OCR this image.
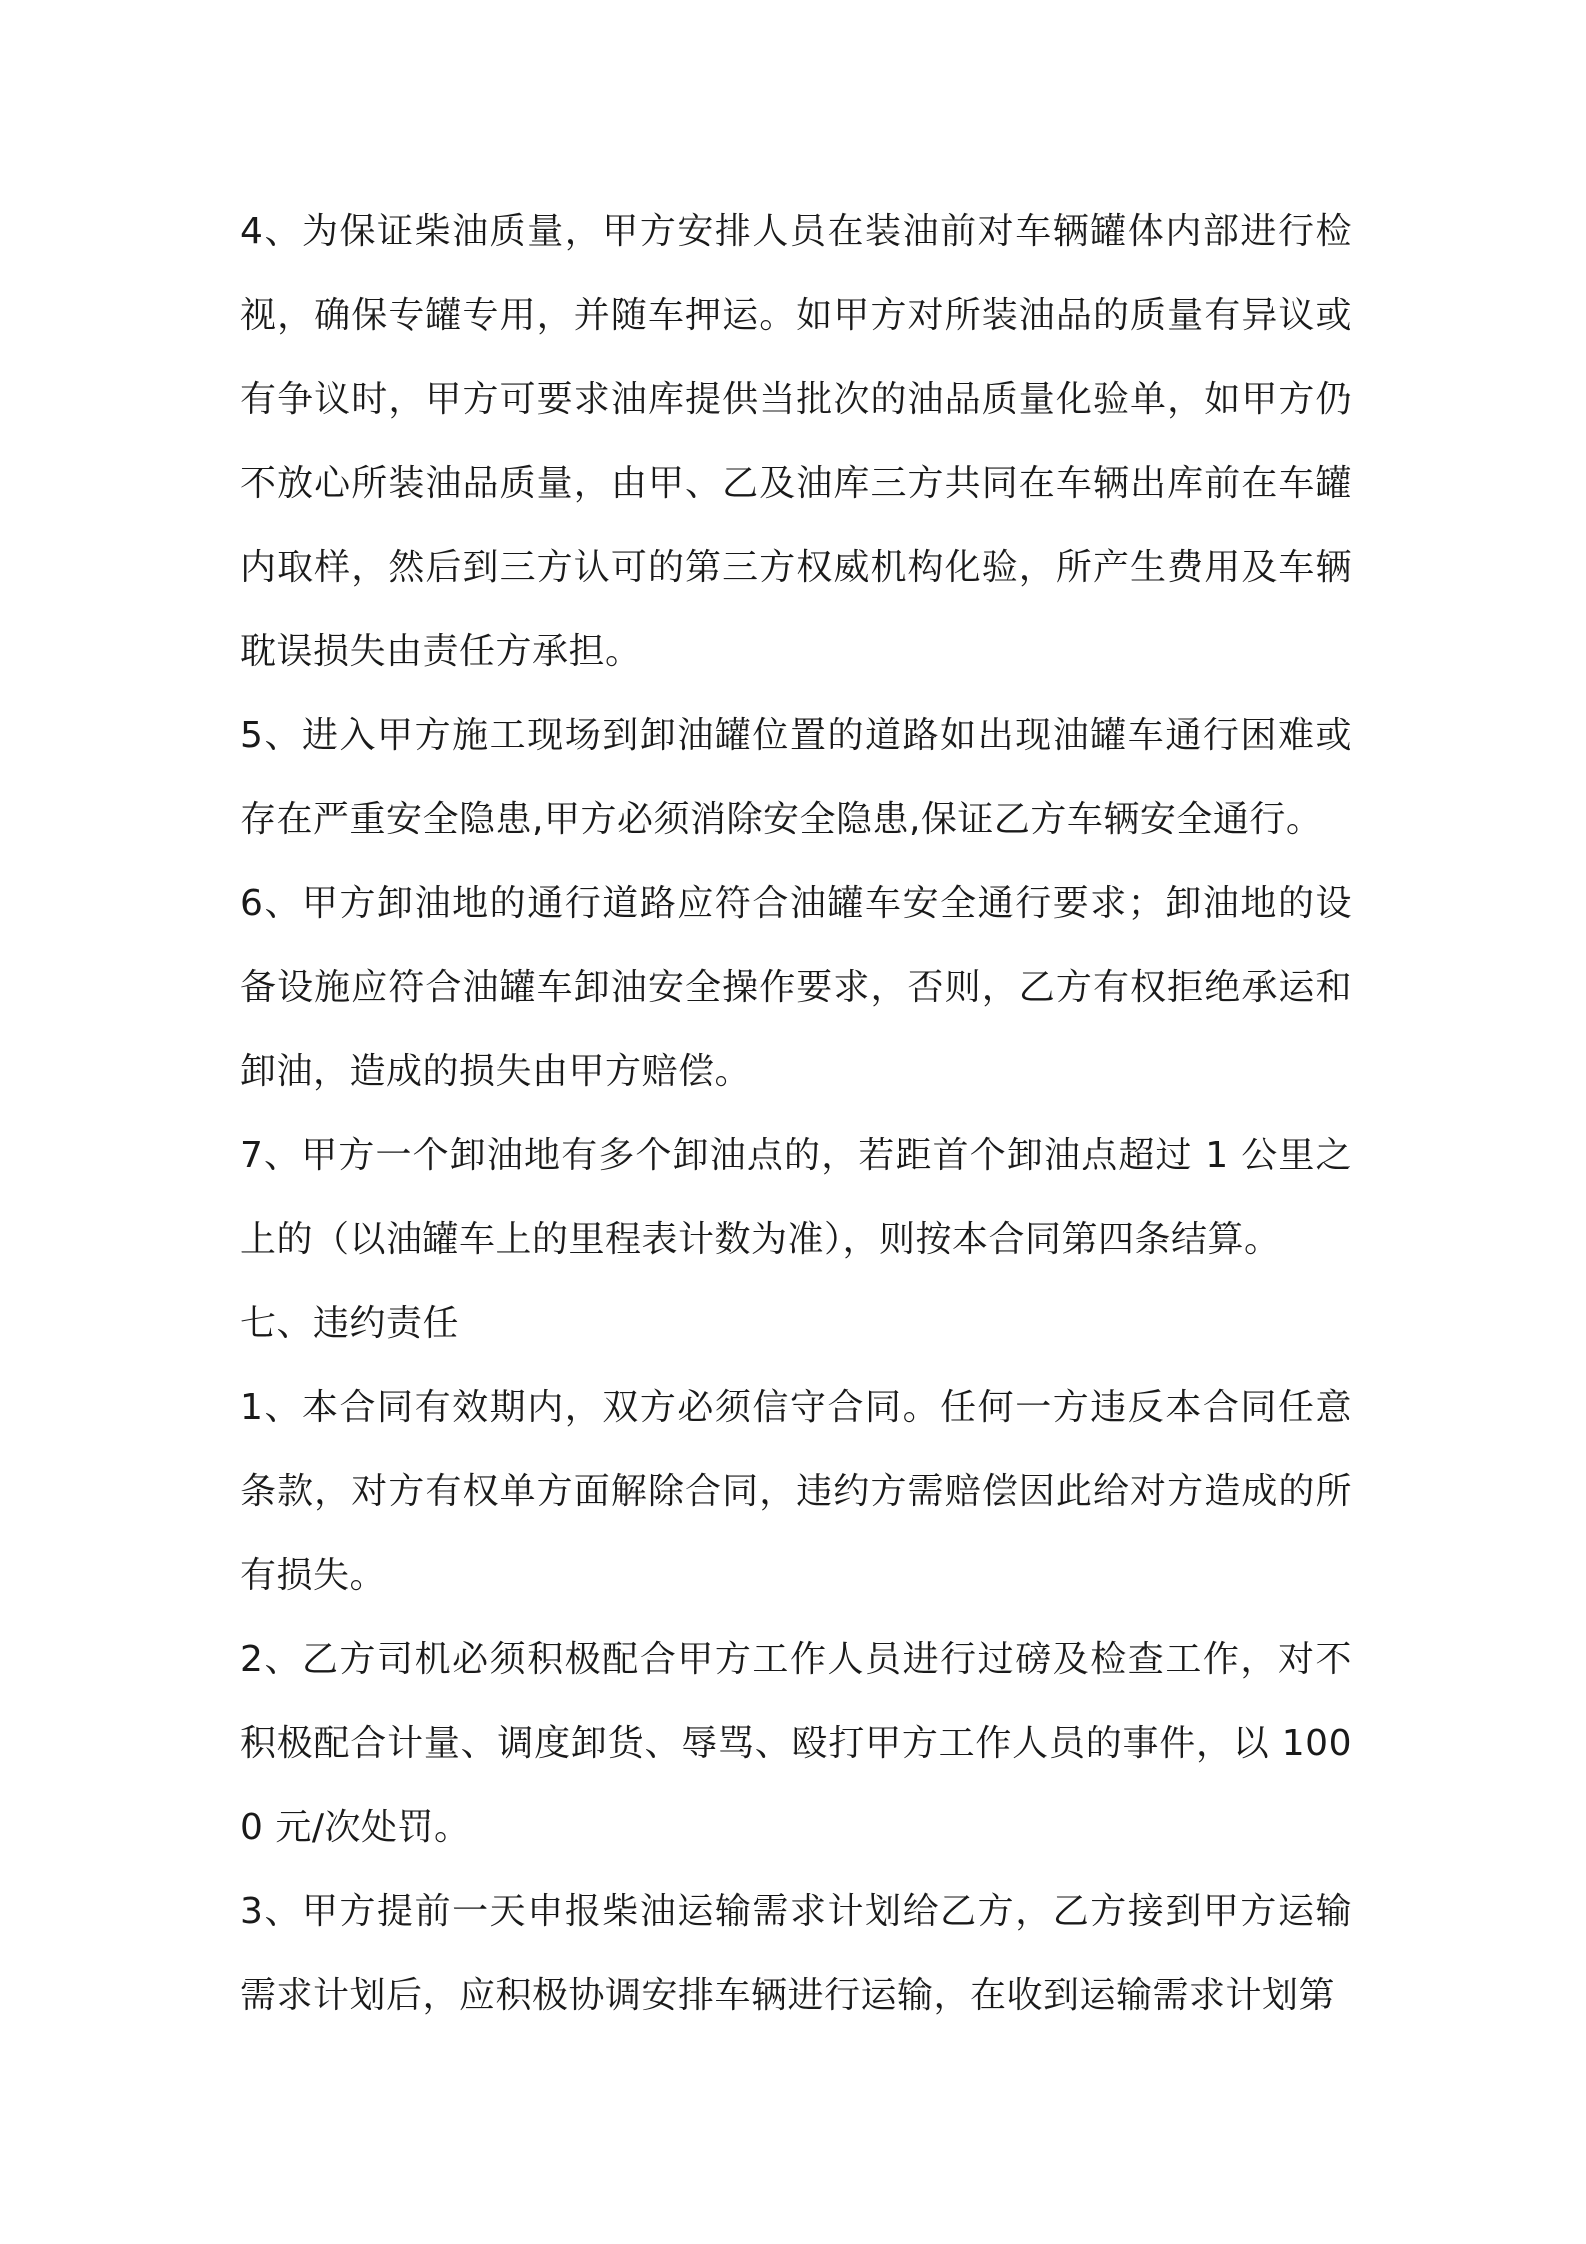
4、为保证柴油质量，甲方安排人员在装油前对车辆罐体内部进行检视，确保专罐专用，并随车押运。如甲方对所装油品的质量有异议或有争议时，甲方可要求油库提供当批次的油品质量化验单，如甲方仍不放心所装油品质量，由甲、乙及油库三方共同在车辆出库前在车罐内取样，然后到三方认可的第三方权威机构化验，所产生费用及车辆耽误损失由责任方承担。

5、进入甲方施工现场到卸油罐位置的道路如出现油罐车通行困难或存在严重安全隐患,甲方必须消除安全隐患,保证乙方车辆安全通行。

6、甲方卸油地的通行道路应符合油罐车安全通行要求；卸油地的设备设施应符合油罐车卸油安全操作要求，否则，乙方有权拒绝承运和卸油，造成的损失由甲方赔偿。

7、甲方一个卸油地有多个卸油点的，若距首个卸油点超过 1 公里之上的（以油罐车上的里程表计数为准），则按本合同第四条结算。

七、违约责任

1、本合同有效期内，双方必须信守合同。任何一方违反本合同任意条款，对方有权单方面解除合同，违约方需赔偿因此给对方造成的所有损失。

2、乙方司机必须积极配合甲方工作人员进行过磅及检查工作，对不积极配合计量、调度卸货、辱骂、殴打甲方工作人员的事件，以 1000 元/次处罚。

3、甲方提前一天申报柴油运输需求计划给乙方，乙方接到甲方运输需求计划后，应积极协调安排车辆进行运输，在收到运输需求计划第
